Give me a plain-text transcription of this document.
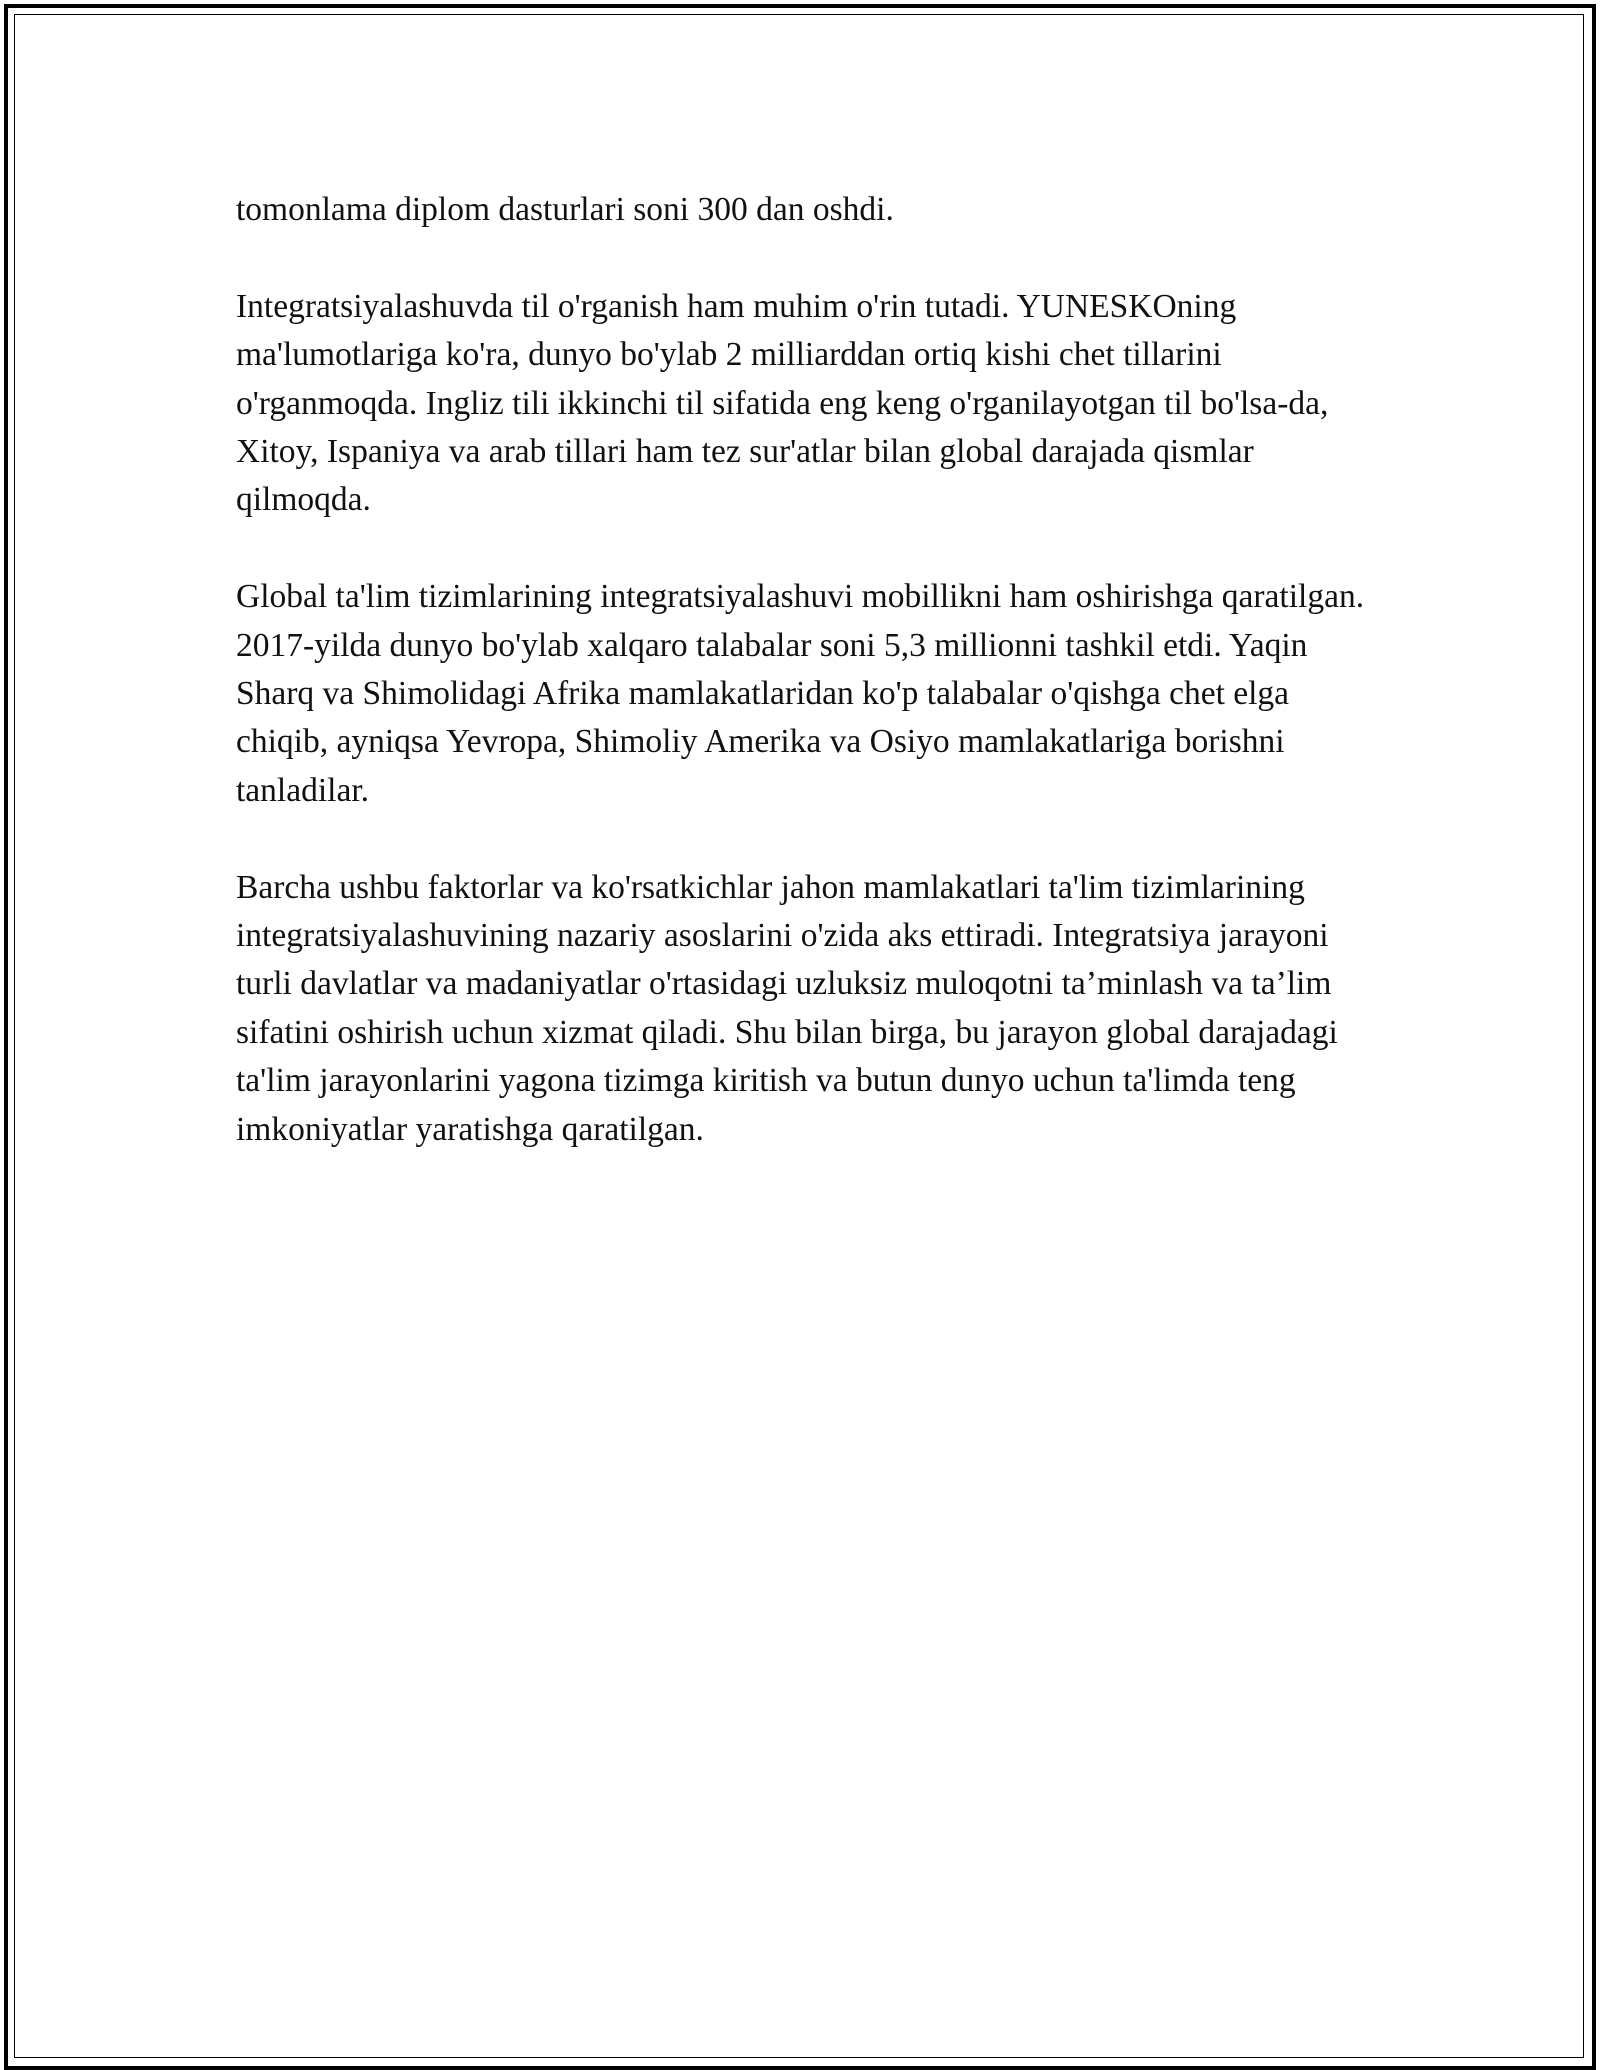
tomonlama diplom dasturlari soni 300 dan oshdi.

Integratsiyalashuvda til o'rganish ham muhim o'rin tutadi. YUNESKOning ma'lumotlariga ko'ra, dunyo bo'ylab 2 milliarddan ortiq kishi chet tillarini o'rganmoqda. Ingliz tili ikkinchi til sifatida eng keng o'rganilayotgan til bo'lsa-da, Xitoy, Ispaniya va arab tillari ham tez sur'atlar bilan global darajada qismlar qilmoqda.

Global ta'lim tizimlarining integratsiyalashuvi mobillikni ham oshirishga qaratilgan. 2017-yilda dunyo bo'ylab xalqaro talabalar soni 5,3 millionni tashkil etdi. Yaqin Sharq va Shimolidagi Afrika mamlakatlaridan ko'p talabalar o'qishga chet elga chiqib, ayniqsa Yevropa, Shimoliy Amerika va Osiyo mamlakatlariga borishni tanladilar.

Barcha ushbu faktorlar va ko'rsatkichlar jahon mamlakatlari ta'lim tizimlarining integratsiyalashuvining nazariy asoslarini o'zida aks ettiradi. Integratsiya jarayoni turli davlatlar va madaniyatlar o'rtasidagi uzluksiz muloqotni ta’minlash va ta’lim sifatini oshirish uchun xizmat qiladi. Shu bilan birga, bu jarayon global darajadagi ta'lim jarayonlarini yagona tizimga kiritish va butun dunyo uchun ta'limda teng imkoniyatlar yaratishga qaratilgan.
